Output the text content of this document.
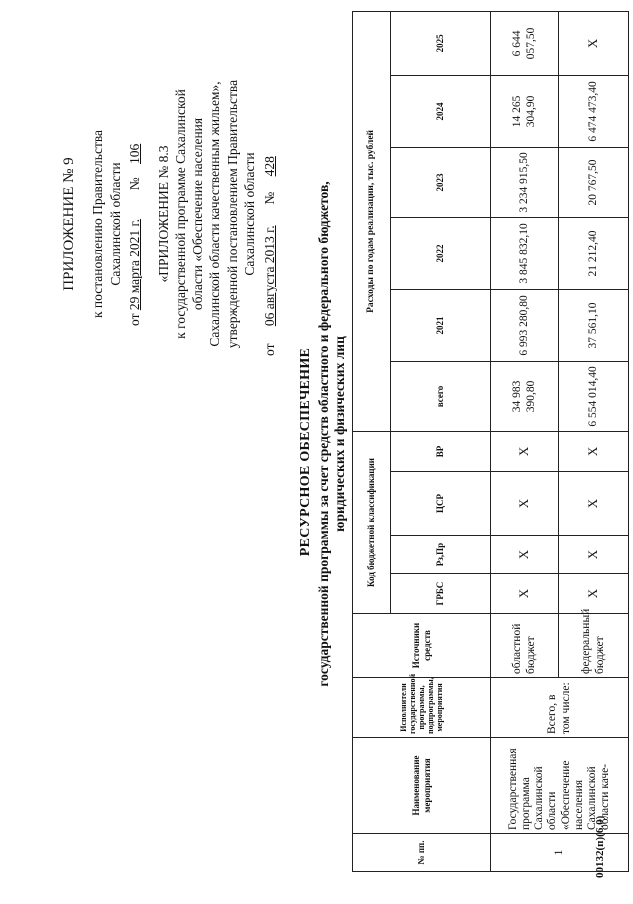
ПРИЛОЖЕНИЕ № 9 к постановлению Правительства Сахалинской области
от 29 марта 2021 г.  № 106 «ПРИЛОЖЕНИЕ № 8.3 к государственной программе Сахалинской области «Обеспечение населения Сахалинской области качественным жильем», утвержденной постановлением Правительства Сахалинской области
от 06 августа 2013 г.  № 428
РЕСУРСНОЕ ОБЕСПЕЧЕНИЕ государственной программы за счет средств областного и федерального бюджетов, юридических и физических лиц
№ пп.	Наименование мероприятия	Исполнители государственной программы, подпрограммы, мероприятия	Источники средств	Код бюджетной классификации				Расходы по годам реализации, тыс. рублей					
				ГРБС	Рз,Пр	ЦСР	ВР	всего	2021	2022	2023	2024	2025
1	Государственная программа Сахалинской области «Обеспечение населения Сахалинской области каче-	Всего, в том числе:	областной бюджет	Х	Х	Х	Х	34 983 390,80	6 993 280,80	3 845 832,10	3 234 915,50	14 265 304,90	6 644 057,50
			федеральный бюджет	Х	Х	Х	Х	6 554 014,40	37 561,10	21 212,40	20 767,50	6 474 473,40	Х
00132(п)(6.0)
